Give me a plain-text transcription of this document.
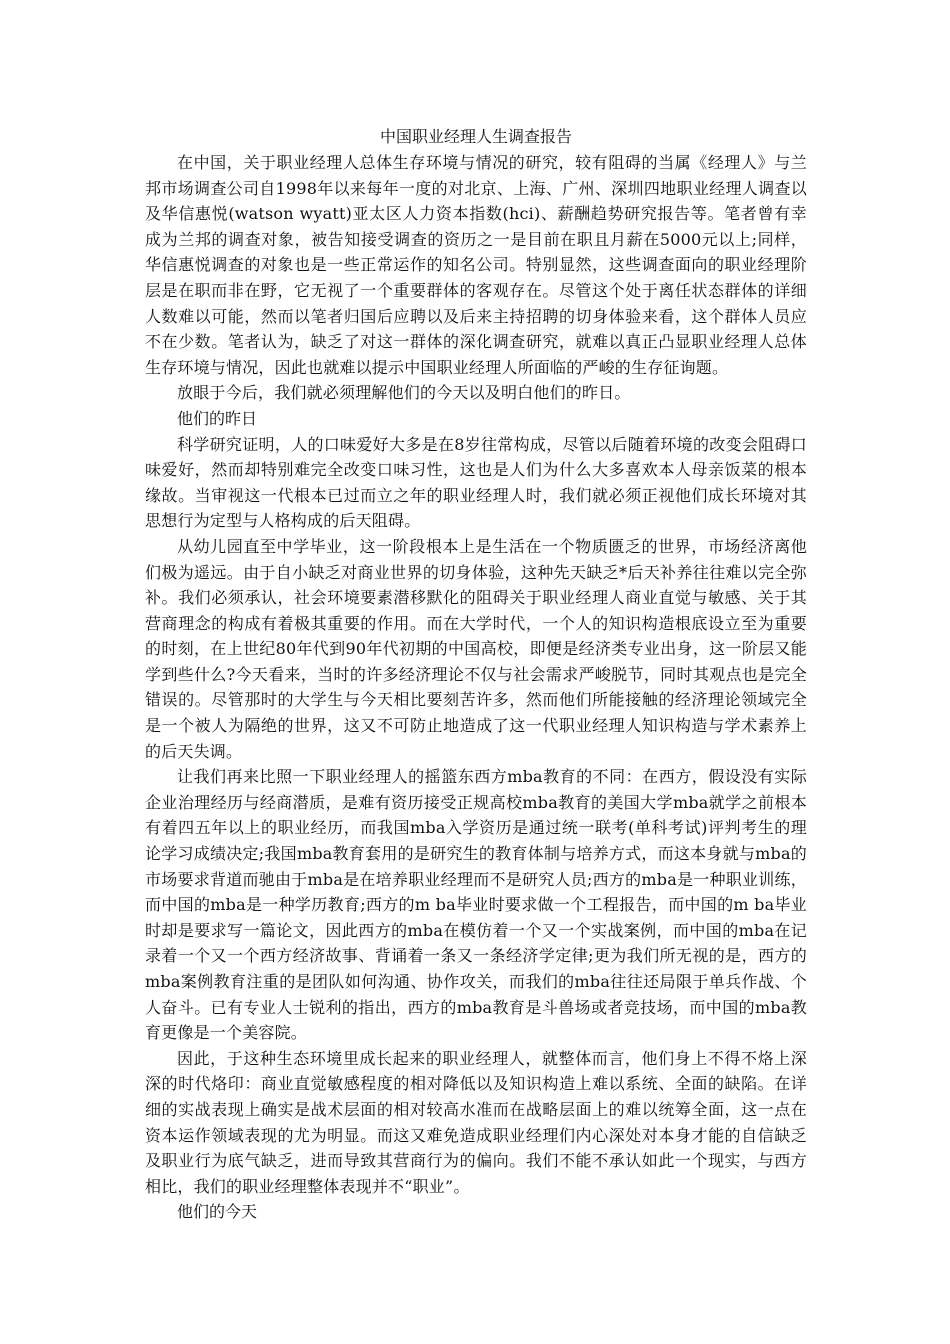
中国职业经理人生调查报告

在中国，关于职业经理人总体生存环境与情况的研究，较有阻碍的当属《经理人》与兰邦市场调查公司自1998年以来每年一度的对北京、上海、广州、深圳四地职业经理人调查以及华信惠悦(watson wyatt)亚太区人力资本指数(hci)、薪酬趋势研究报告等。笔者曾有幸成为兰邦的调查对象，被告知接受调查的资历之一是目前在职且月薪在5000元以上;同样，华信惠悦调查的对象也是一些正常运作的知名公司。特别显然，这些调查面向的职业经理阶层是在职而非在野，它无视了一个重要群体的客观存在。尽管这个处于离任状态群体的详细人数难以可能，然而以笔者归国后应聘以及后来主持招聘的切身体验来看，这个群体人员应不在少数。笔者认为，缺乏了对这一群体的深化调查研究，就难以真正凸显职业经理人总体生存环境与情况，因此也就难以提示中国职业经理人所面临的严峻的生存征询题。

放眼于今后，我们就必须理解他们的今天以及明白他们的昨日。

他们的昨日

科学研究证明，人的口味爱好大多是在8岁往常构成，尽管以后随着环境的改变会阻碍口味爱好，然而却特别难完全改变口味习性，这也是人们为什么大多喜欢本人母亲饭菜的根本缘故。当审视这一代根本已过而立之年的职业经理人时，我们就必须正视他们成长环境对其思想行为定型与人格构成的后天阻碍。

从幼儿园直至中学毕业，这一阶段根本上是生活在一个物质匮乏的世界，市场经济离他们极为遥远。由于自小缺乏对商业世界的切身体验，这种先天缺乏*后天补养往往难以完全弥补。我们必须承认，社会环境要素潜移默化的阻碍关于职业经理人商业直觉与敏感、关于其营商理念的构成有着极其重要的作用。而在大学时代，一个人的知识构造根底设立至为重要的时刻，在上世纪80年代到90年代初期的中国高校，即便是经济类专业出身，这一阶层又能学到些什么?今天看来，当时的许多经济理论不仅与社会需求严峻脱节，同时其观点也是完全错误的。尽管那时的大学生与今天相比要刻苦许多，然而他们所能接触的经济理论领域完全是一个被人为隔绝的世界，这又不可防止地造成了这一代职业经理人知识构造与学术素养上的后天失调。

让我们再来比照一下职业经理人的摇篮东西方mba教育的不同：在西方，假设没有实际企业治理经历与经商潜质，是难有资历接受正规高校mba教育的美国大学mba就学之前根本有着四五年以上的职业经历，而我国mba入学资历是通过统一联考(单科考试)评判考生的理论学习成绩决定;我国mba教育套用的是研究生的教育体制与培养方式，而这本身就与mba的市场要求背道而驰由于mba是在培养职业经理而不是研究人员;西方的mba是一种职业训练，而中国的mba是一种学历教育;西方的m ba毕业时要求做一个工程报告，而中国的m ba毕业时却是要求写一篇论文，因此西方的mba在模仿着一个又一个实战案例，而中国的mba在记录着一个又一个西方经济故事、背诵着一条又一条经济学定律;更为我们所无视的是，西方的mba案例教育注重的是团队如何沟通、协作攻关，而我们的mba往往还局限于单兵作战、个人奋斗。已有专业人士锐利的指出，西方的mba教育是斗兽场或者竞技场，而中国的mba教育更像是一个美容院。

因此，于这种生态环境里成长起来的职业经理人，就整体而言，他们身上不得不烙上深深的时代烙印：商业直觉敏感程度的相对降低以及知识构造上难以系统、全面的缺陷。在详细的实战表现上确实是战术层面的相对较高水准而在战略层面上的难以统筹全面，这一点在资本运作领域表现的尤为明显。而这又难免造成职业经理们内心深处对本身才能的自信缺乏及职业行为底气缺乏，进而导致其营商行为的偏向。我们不能不承认如此一个现实，与西方相比，我们的职业经理整体表现并不“职业”。

他们的今天
